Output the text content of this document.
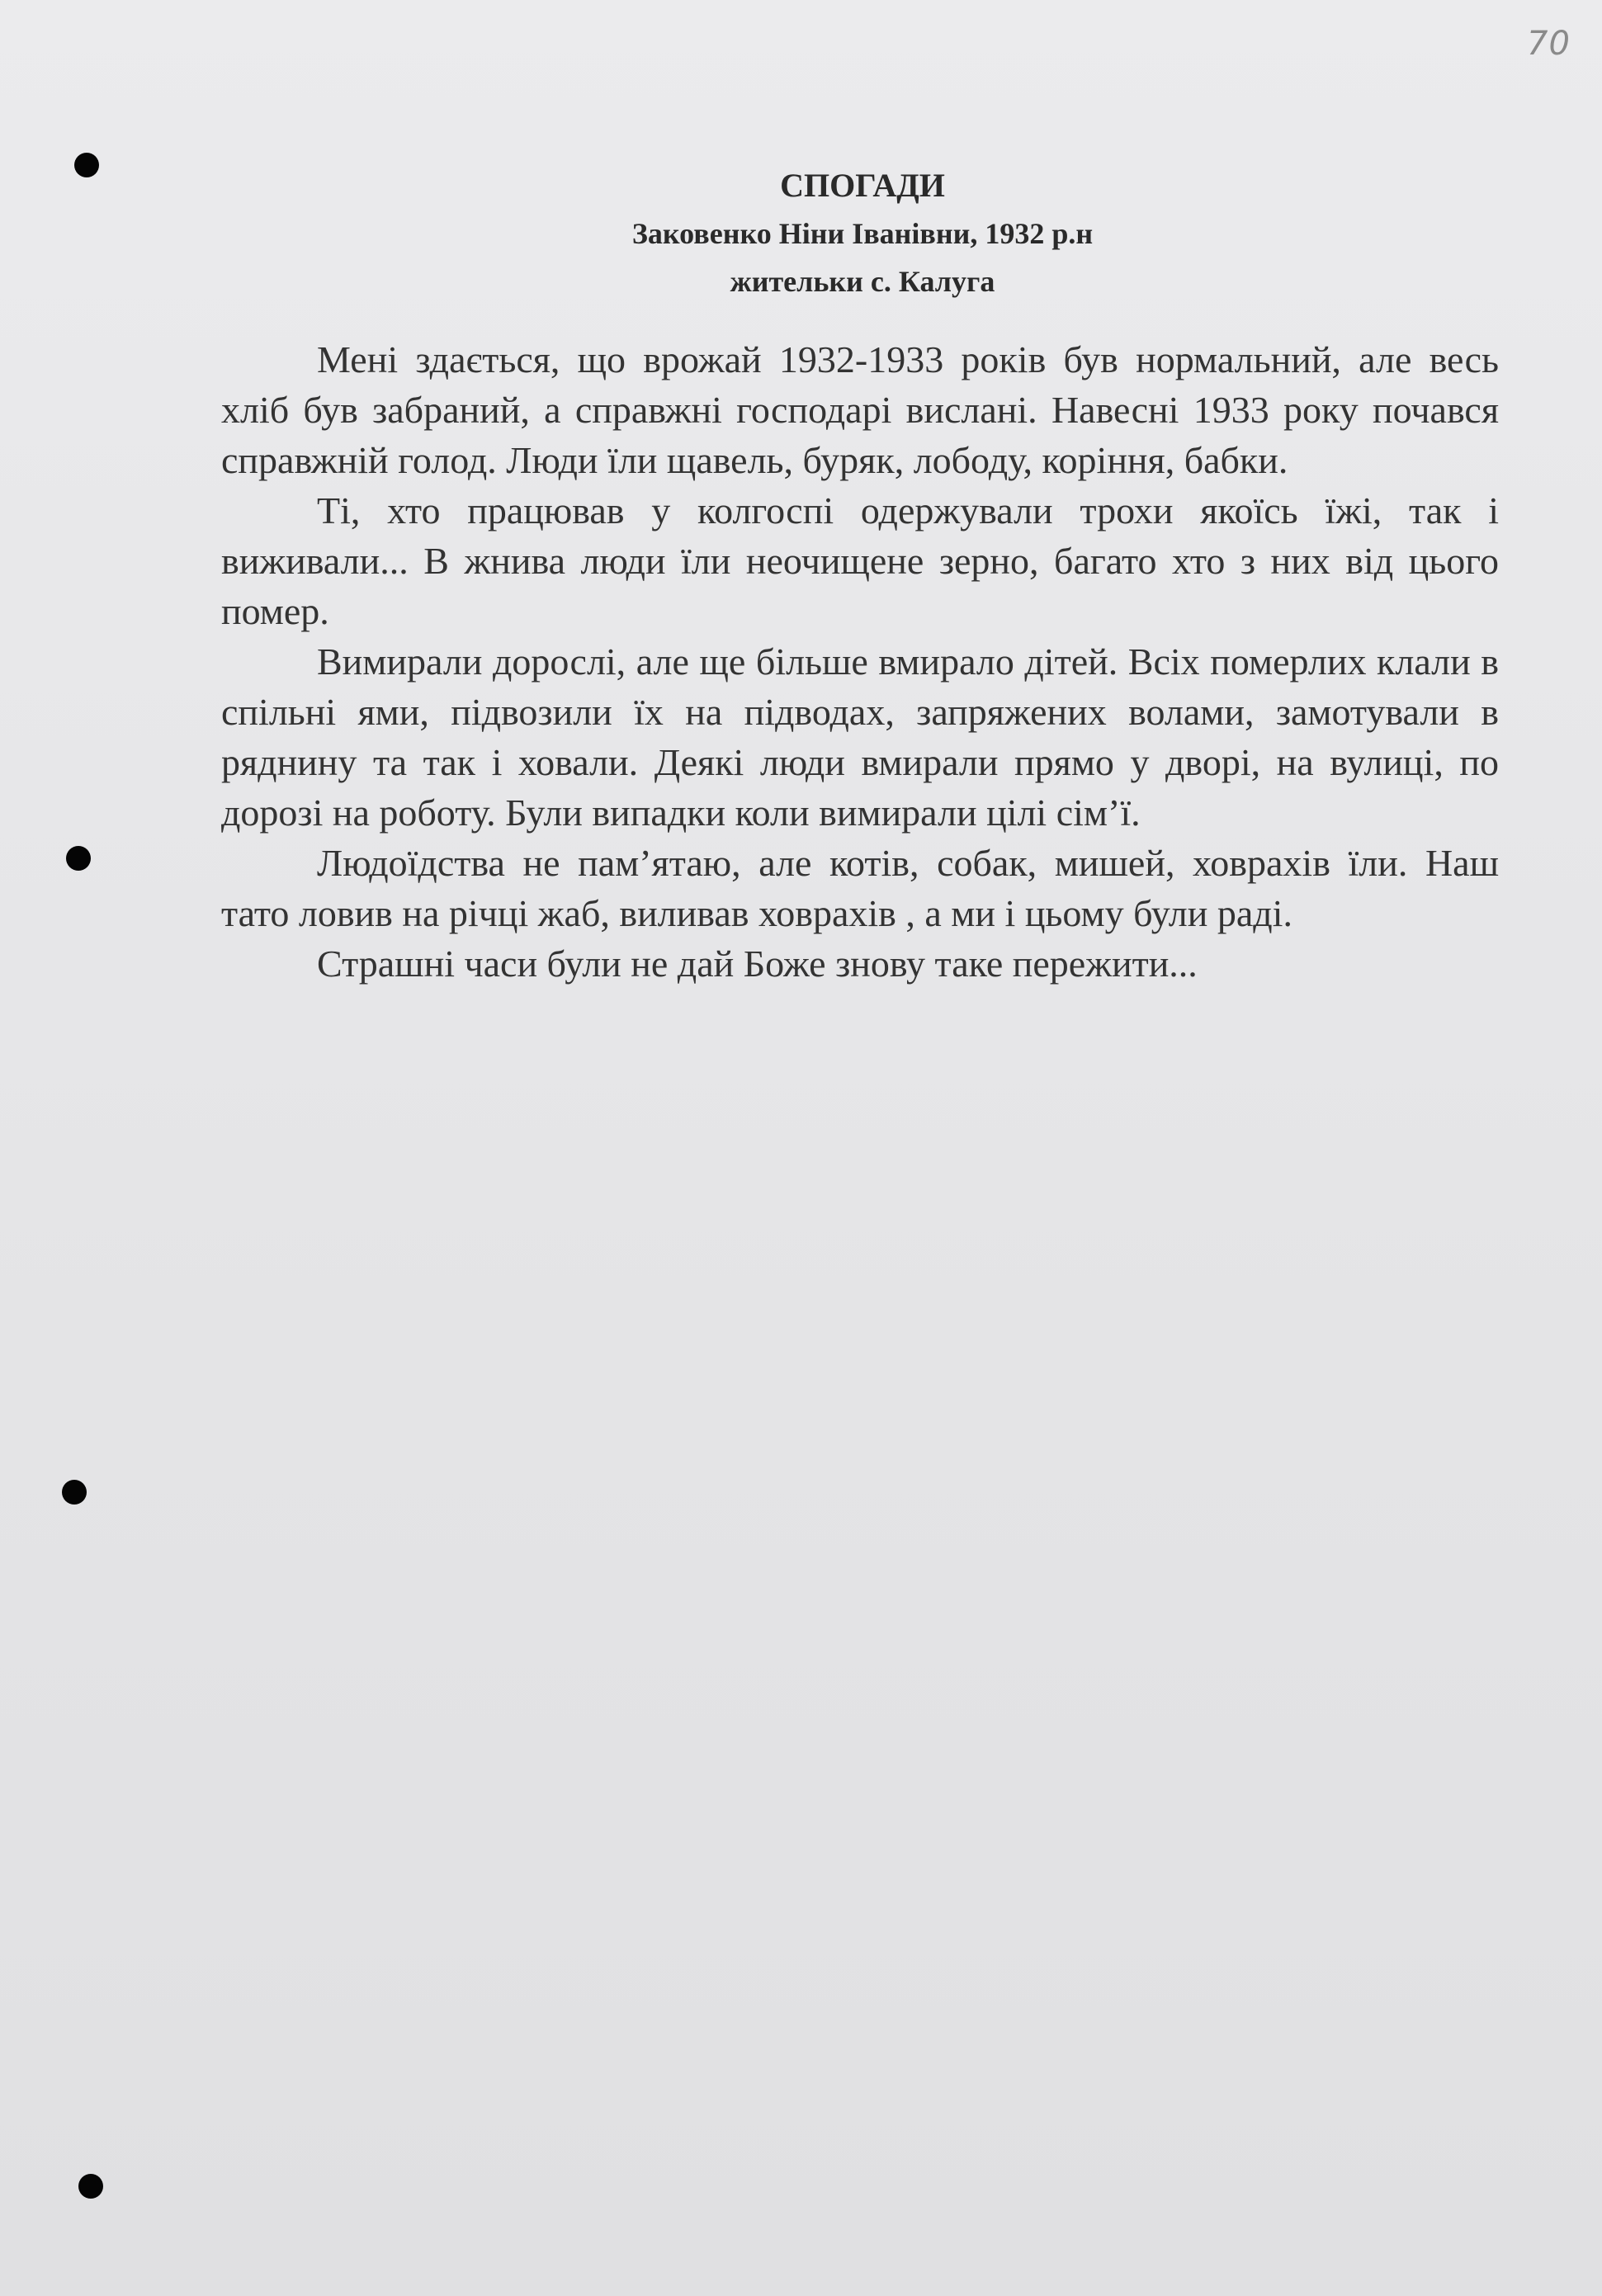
70
СПОГАДИ
Заковенко Ніни Іванівни, 1932 р.н
жительки с. Калуга

Мені здається, що врожай 1932-1933 років був нормальний, але весь хліб був забраний, а справжні господарі вислані. Навесні 1933 року почався справжній голод. Люди їли щавель, буряк, лободу, коріння, бабки.

Ті, хто працював у колгоспі одержували трохи якоїсь їжі, так і виживали... В жнива люди їли неочищене зерно, багато хто з них від цього помер.

Вимирали дорослі, але ще більше вмирало дітей. Всіх померлих клали в спільні ями, підвозили їх на підводах, запряжених волами, замотували в ряднину та так і ховали. Деякі люди вмирали прямо у дворі, на вулиці, по дорозі на роботу. Були випадки коли вимирали цілі сім’ї.

Людоїдства не пам’ятаю, але котів, собак, мишей, ховрахів їли. Наш тато ловив на річці жаб, виливав ховрахів , а ми і цьому були раді.

Страшні часи були не дай Боже знову таке пережити...
